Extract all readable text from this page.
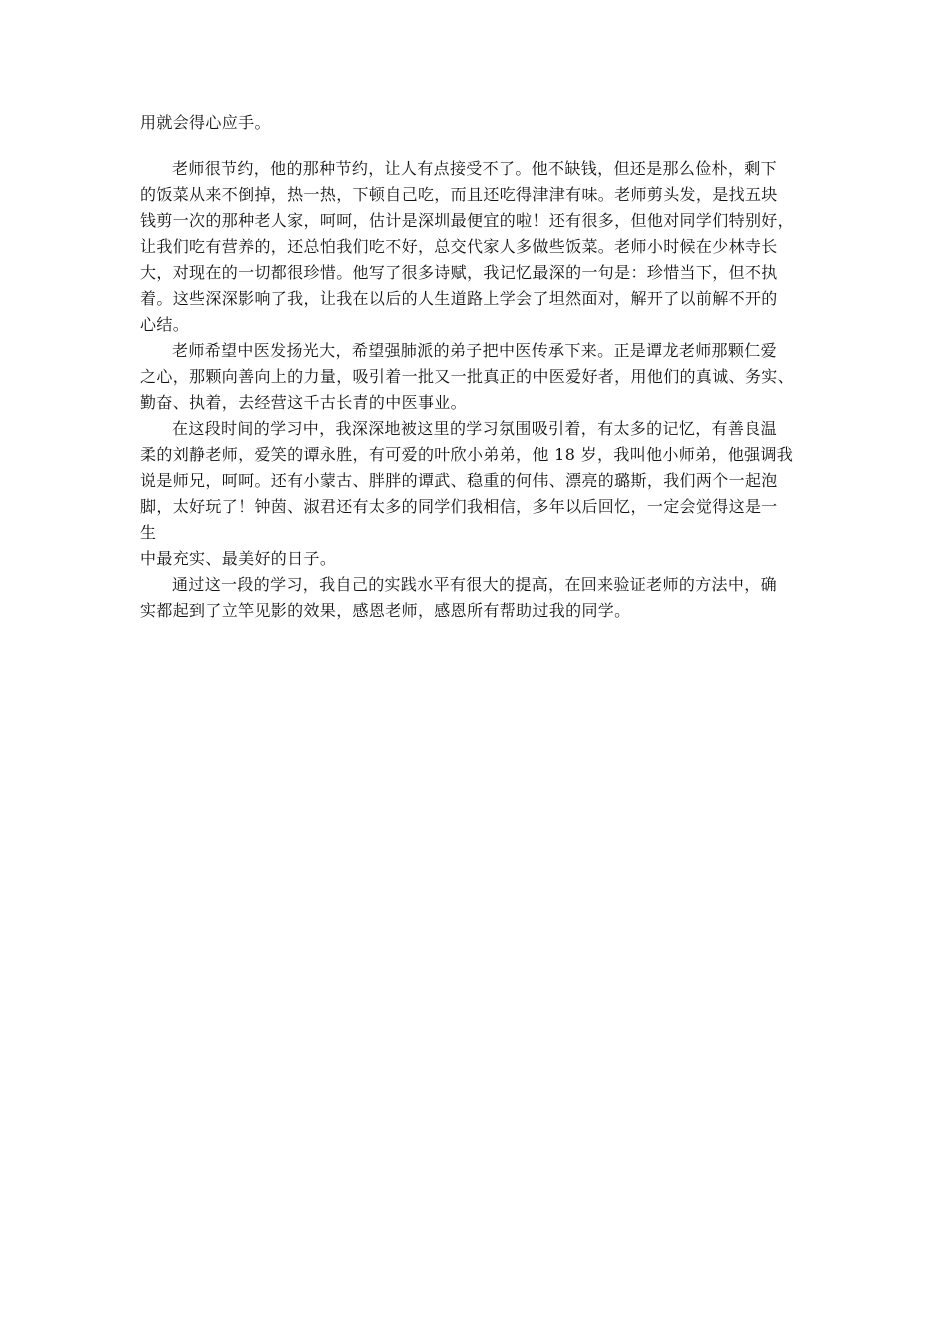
用就会得心应手。

老师很节约，他的那种节约，让人有点接受不了。他不缺钱，但还是那么俭朴，剩下
的饭菜从来不倒掉，热一热，下顿自己吃，而且还吃得津津有味。老师剪头发，是找五块
钱剪一次的那种老人家，呵呵，估计是深圳最便宜的啦！还有很多，但他对同学们特别好，
让我们吃有营养的，还总怕我们吃不好，总交代家人多做些饭菜。老师小时候在少林寺长
大，对现在的一切都很珍惜。他写了很多诗赋，我记忆最深的一句是：珍惜当下，但不执
着。这些深深影响了我，让我在以后的人生道路上学会了坦然面对，解开了以前解不开的
心结。

老师希望中医发扬光大，希望强肺派的弟子把中医传承下来。正是谭龙老师那颗仁爱
之心，那颗向善向上的力量，吸引着一批又一批真正的中医爱好者，用他们的真诚、务实、
勤奋、执着，去经营这千古长青的中医事业。

在这段时间的学习中，我深深地被这里的学习氛围吸引着，有太多的记忆，有善良温
柔的刘静老师，爱笑的谭永胜，有可爱的叶欣小弟弟，他 18 岁，我叫他小师弟，他强调我
说是师兄，呵呵。还有小蒙古、胖胖的谭武、稳重的何伟、漂亮的璐斯，我们两个一起泡
脚，太好玩了！钟茵、淑君还有太多的同学们我相信，多年以后回忆，一定会觉得这是一
生
中最充实、最美好的日子。

通过这一段的学习，我自己的实践水平有很大的提高，在回来验证老师的方法中，确
实都起到了立竿见影的效果，感恩老师，感恩所有帮助过我的同学。
